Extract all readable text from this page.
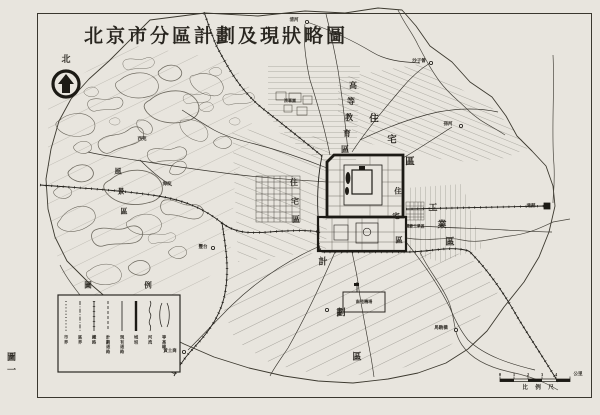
北京市分區計劃及現狀略圖
圖一
北
高
等
教
育
區
住
宅
區
住
宅
區
住
宅
區
工
業
區
計
劃
區
風
景
區
圖	例
市界 區界 鐵路 計劃道路 現有道路 城垣 河流 等高線
清河
沙子營
孫河
通縣
清華園
西苑
海淀
豐台
模範工業區
南苑機場
馬駒橋
黃土崗
0	1	2	3	4	公里
比 例 尺
